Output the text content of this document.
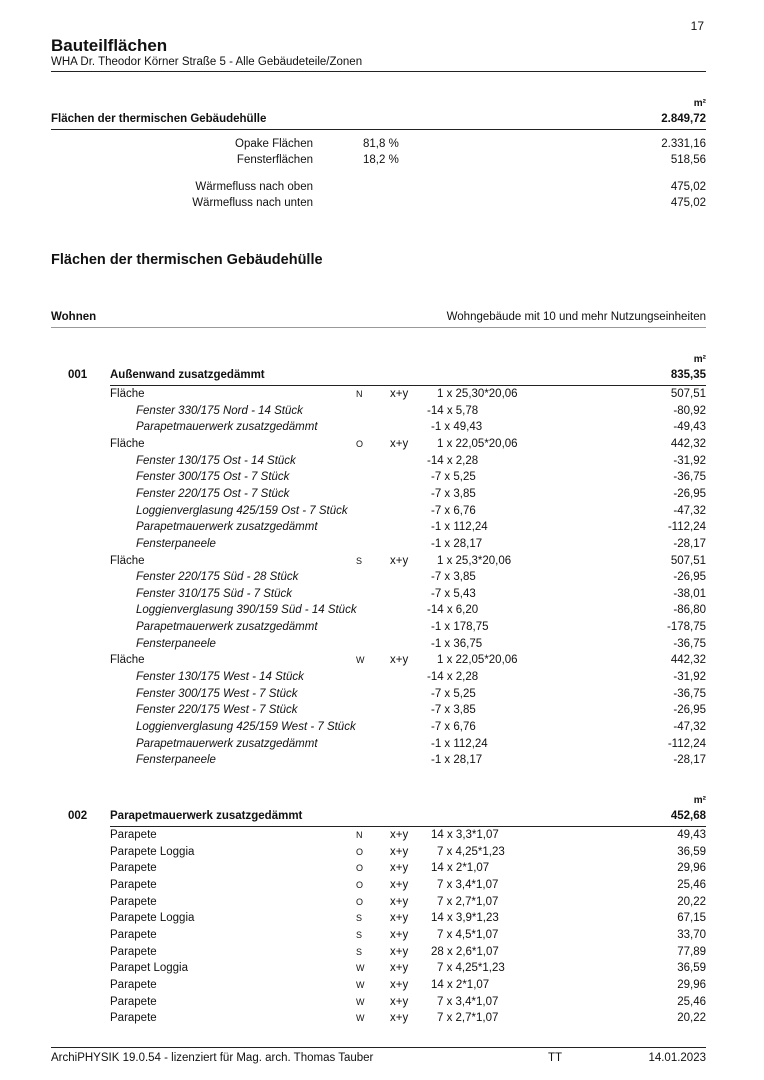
17
Bauteilflächen
WHA Dr. Theodor Körner Straße 5 - Alle Gebäudeteile/Zonen
m²
Flächen der thermischen Gebäudehülle	2.849,72
Opake Flächen	81,8 %	2.331,16
Fensterflächen	18,2 %	518,56
Wärmefluss nach oben	475,02
Wärmefluss nach unten	475,02
Flächen der thermischen Gebäudehülle
Wohnen	Wohngebäude mit 10 und mehr Nutzungseinheiten
m²
001 Außenwand zusatzgedämmt	835,35
Fläche	N x+y	1 x 25,30*20,06	507,51
Fenster 330/175 Nord - 14 Stück	-14 x 5,78	-80,92
Parapetmauerwerk zusatzgedämmt	-1 x 49,43	-49,43
Fläche	O x+y	1 x 22,05*20,06	442,32
Fenster 130/175 Ost - 14 Stück	-14 x 2,28	-31,92
Fenster 300/175 Ost - 7 Stück	-7 x 5,25	-36,75
Fenster 220/175 Ost - 7 Stück	-7 x 3,85	-26,95
Loggienverglasung 425/159 Ost - 7 Stück	-7 x 6,76	-47,32
Parapetmauerwerk zusatzgedämmt	-1 x 112,24	-112,24
Fensterpaneele	-1 x 28,17	-28,17
Fläche	S x+y	1 x 25,3*20,06	507,51
Fenster 220/175 Süd - 28 Stück	-7 x 3,85	-26,95
Fenster 310/175 Süd - 7 Stück	-7 x 5,43	-38,01
Loggienverglasung 390/159 Süd - 14 Stück	-14 x 6,20	-86,80
Parapetmauerwerk zusatzgedämmt	-1 x 178,75	-178,75
Fensterpaneele	-1 x 36,75	-36,75
Fläche	W x+y	1 x 22,05*20,06	442,32
Fenster 130/175 West - 14 Stück	-14 x 2,28	-31,92
Fenster 300/175 West - 7 Stück	-7 x 5,25	-36,75
Fenster 220/175 West - 7 Stück	-7 x 3,85	-26,95
Loggienverglasung 425/159 West - 7 Stück	-7 x 6,76	-47,32
Parapetmauerwerk zusatzgedämmt	-1 x 112,24	-112,24
Fensterpaneele	-1 x 28,17	-28,17
m²
002 Parapetmauerwerk zusatzgedämmt	452,68
Parapete	N x+y 14 x 3,3*1,07	49,43
Parapete Loggia	O x+y	7 x 4,25*1,23	36,59
Parapete	O x+y 14 x 2*1,07	29,96
Parapete	O x+y	7 x 3,4*1,07	25,46
Parapete	O x+y	7 x 2,7*1,07	20,22
Parapete Loggia	S x+y 14 x 3,9*1,23	67,15
Parapete	S x+y	7 x 4,5*1,07	33,70
Parapete	S x+y 28 x 2,6*1,07	77,89
Parapet Loggia	W x+y	7 x 4,25*1,23	36,59
Parapete	W x+y 14 x 2*1,07	29,96
Parapete	W x+y	7 x 3,4*1,07	25,46
Parapete	W x+y	7 x 2,7*1,07	20,22
ArchiPHYSIK 19.0.54 - lizenziert für Mag. arch. Thomas Tauber	TT	14.01.2023
